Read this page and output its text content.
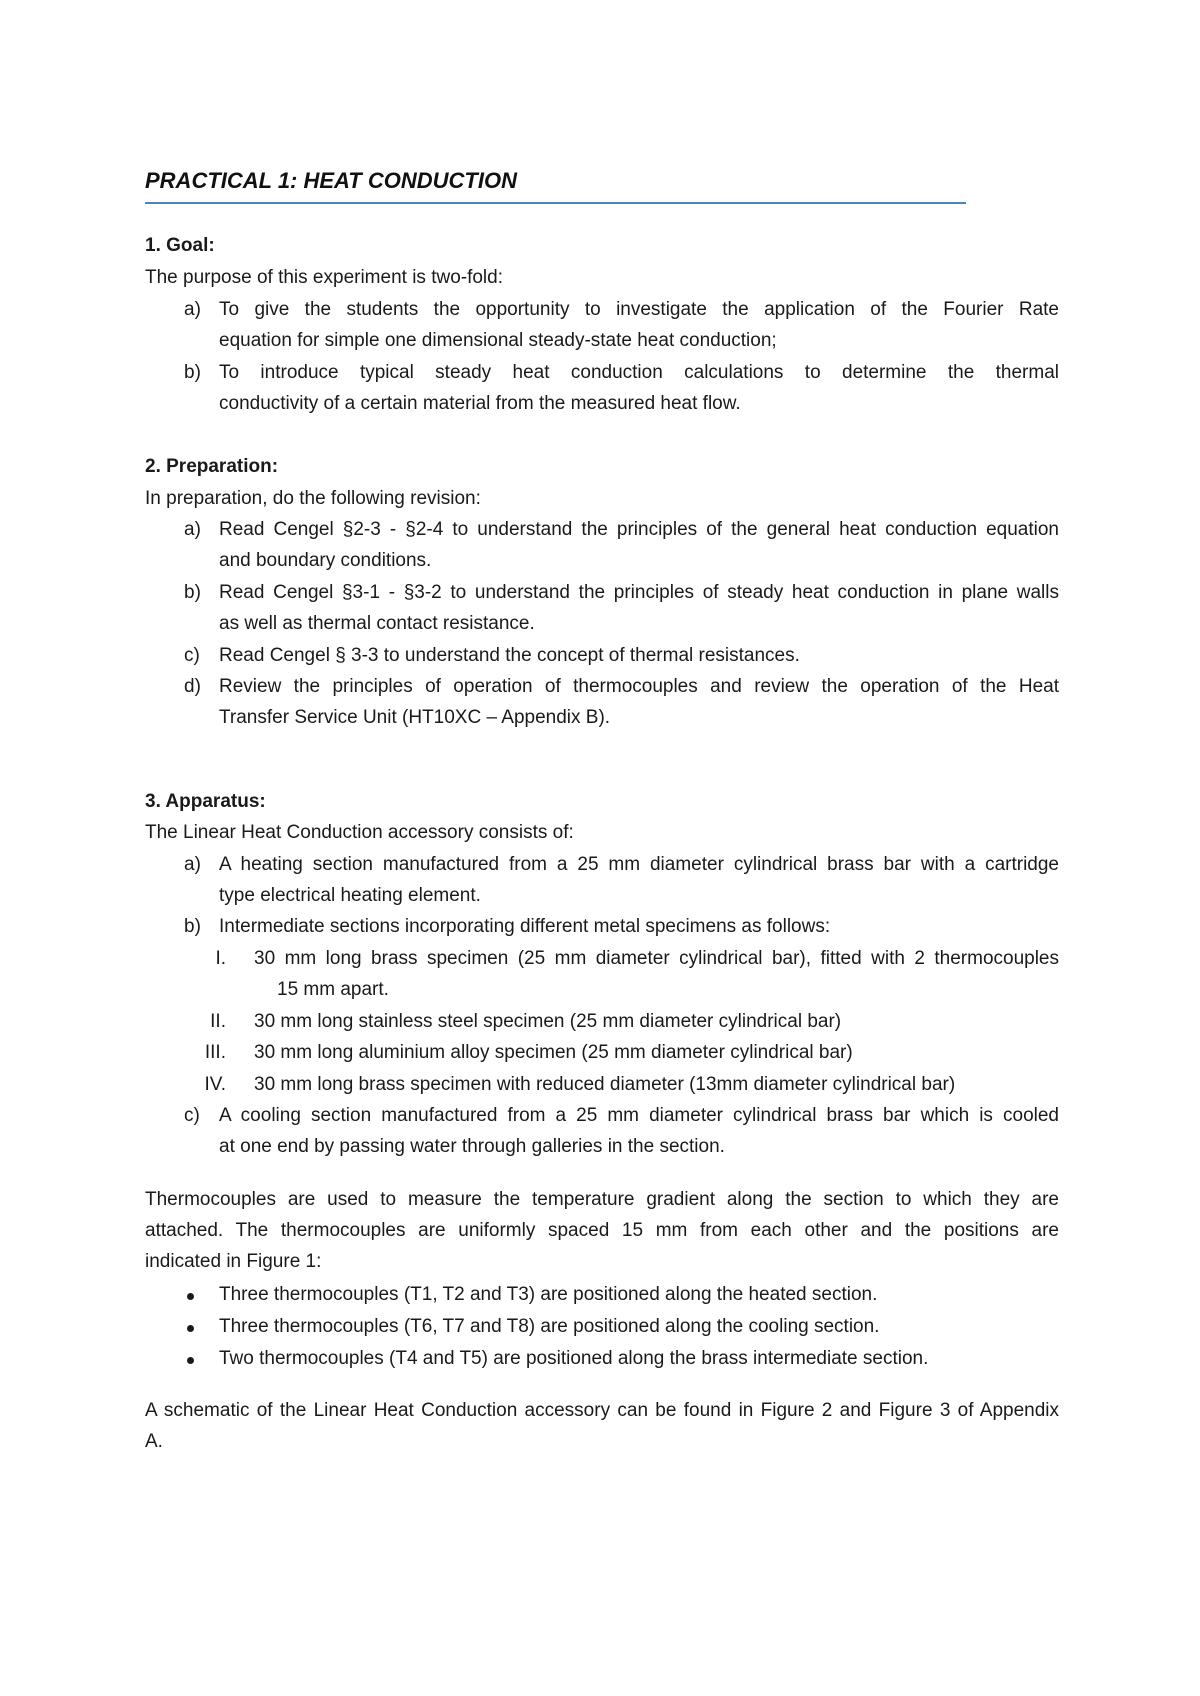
PRACTICAL 1: HEAT CONDUCTION
1. Goal:
The purpose of this experiment is two-fold:
a) To give the students the opportunity to investigate the application of the Fourier Rate
equation for simple one dimensional steady-state heat conduction;
b) To introduce typical steady heat conduction calculations to determine the thermal
conductivity of a certain material from the measured heat flow.
2. Preparation:
In preparation, do the following revision:
a) Read Cengel §2-3 - §2-4 to understand the principles of the general heat conduction equation
and boundary conditions.
b) Read Cengel §3-1 - §3-2 to understand the principles of steady heat conduction in plane walls
as well as thermal contact resistance.
c) Read Cengel § 3-3 to understand the concept of thermal resistances.
d) Review the principles of operation of thermocouples and review the operation of the Heat
Transfer Service Unit (HT10XC – Appendix B).
3. Apparatus:
The Linear Heat Conduction accessory consists of:
a) A heating section manufactured from a 25 mm diameter cylindrical brass bar with a cartridge
type electrical heating element.
b) Intermediate sections incorporating different metal specimens as follows:
I. 30 mm long brass specimen (25 mm diameter cylindrical bar), fitted with 2 thermocouples
15 mm apart.
II. 30 mm long stainless steel specimen (25 mm diameter cylindrical bar)
III. 30 mm long aluminium alloy specimen (25 mm diameter cylindrical bar)
IV. 30 mm long brass specimen with reduced diameter (13mm diameter cylindrical bar)
c) A cooling section manufactured from a 25 mm diameter cylindrical brass bar which is cooled
at one end by passing water through galleries in the section.
Thermocouples are used to measure the temperature gradient along the section to which they are
attached. The thermocouples are uniformly spaced 15 mm from each other and the positions are
indicated in Figure 1:
Three thermocouples (T1, T2 and T3) are positioned along the heated section.
Three thermocouples (T6, T7 and T8) are positioned along the cooling section.
Two thermocouples (T4 and T5) are positioned along the brass intermediate section.
A schematic of the Linear Heat Conduction accessory can be found in Figure 2 and Figure 3 of Appendix
A.
